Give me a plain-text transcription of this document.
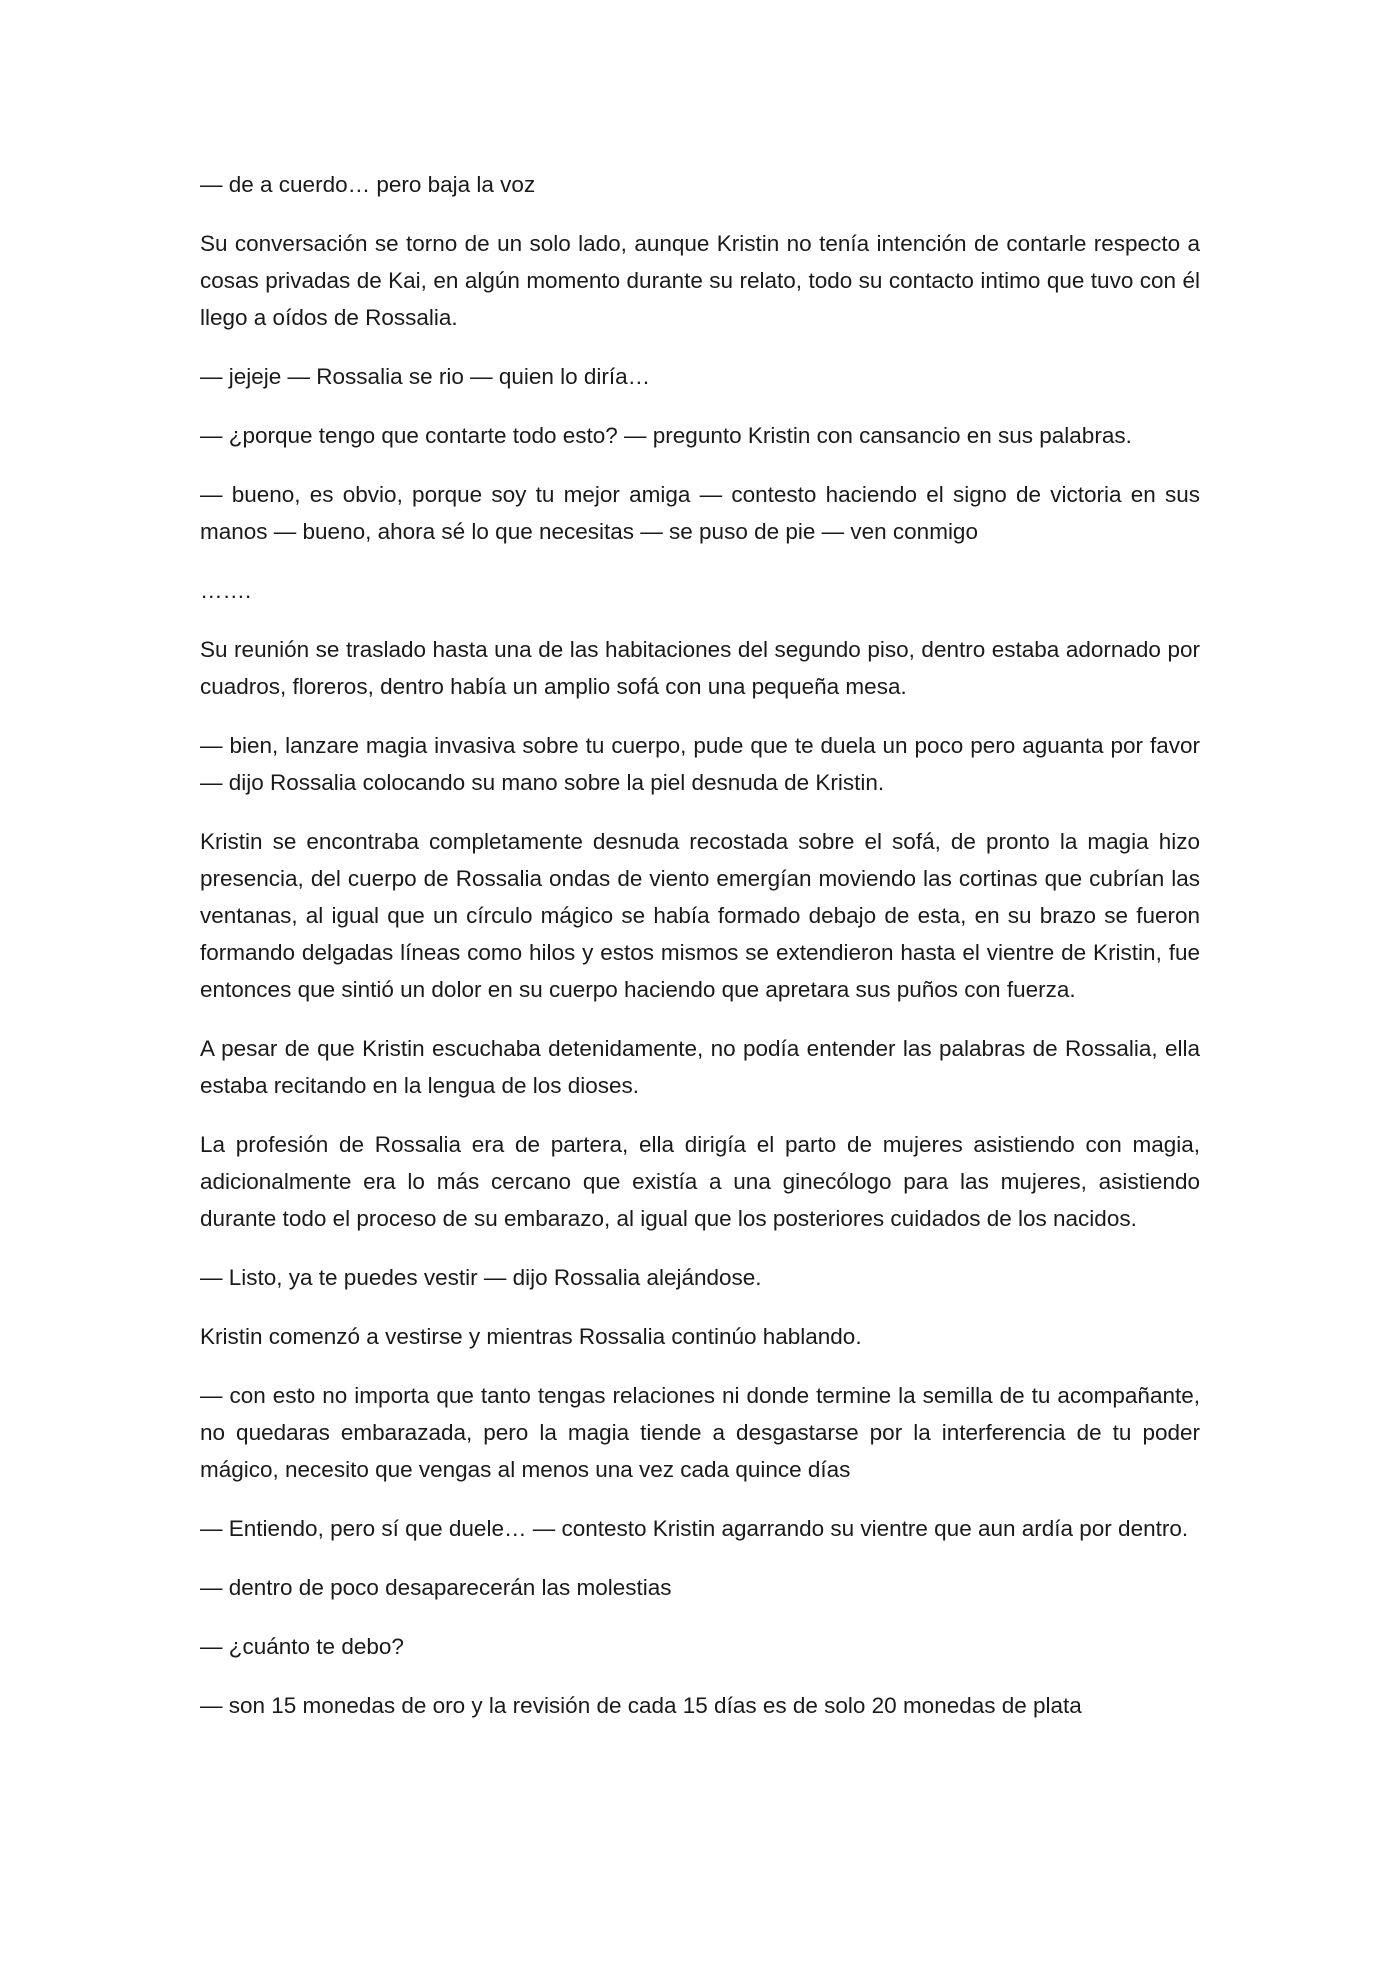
— de a cuerdo… pero baja la voz

Su conversación se torno de un solo lado, aunque Kristin no tenía intención de contarle respecto a cosas privadas de Kai, en algún momento durante su relato, todo su contacto intimo que tuvo con él llego a oídos de Rossalia.

— jejeje — Rossalia se rio — quien lo diría…

— ¿porque tengo que contarte todo esto? — pregunto Kristin con cansancio en sus palabras.

— bueno, es obvio, porque soy tu mejor amiga — contesto haciendo el signo de victoria en sus manos — bueno, ahora sé lo que necesitas — se puso de pie — ven conmigo

…….

Su reunión se traslado hasta una de las habitaciones del segundo piso, dentro estaba adornado por cuadros, floreros, dentro había un amplio sofá con una pequeña mesa.

— bien, lanzare magia invasiva sobre tu cuerpo, pude que te duela un poco pero aguanta por favor — dijo Rossalia colocando su mano sobre la piel desnuda de Kristin.

Kristin se encontraba completamente desnuda recostada sobre el sofá, de pronto la magia hizo presencia, del cuerpo de Rossalia ondas de viento emergían moviendo las cortinas que cubrían las ventanas, al igual que un círculo mágico se había formado debajo de esta, en su brazo se fueron formando delgadas líneas como hilos y estos mismos se extendieron hasta el vientre de Kristin, fue entonces que sintió un dolor en su cuerpo haciendo que apretara sus puños con fuerza.

A pesar de que Kristin escuchaba detenidamente, no podía entender las palabras de Rossalia, ella estaba recitando en la lengua de los dioses.

La profesión de Rossalia era de partera, ella dirigía el parto de mujeres asistiendo con magia, adicionalmente era lo más cercano que existía a una ginecólogo para las mujeres, asistiendo durante todo el proceso de su embarazo, al igual que los posteriores cuidados de los nacidos.

— Listo, ya te puedes vestir — dijo Rossalia alejándose.

Kristin comenzó a vestirse y mientras Rossalia continúo hablando.

— con esto no importa que tanto tengas relaciones ni donde termine la semilla de tu acompañante, no quedaras embarazada, pero la magia tiende a desgastarse por la interferencia de tu poder mágico, necesito que vengas al menos una vez cada quince días

— Entiendo, pero sí que duele… — contesto Kristin agarrando su vientre que aun ardía por dentro.

— dentro de poco desaparecerán las molestias

— ¿cuánto te debo?

— son 15 monedas de oro y la revisión de cada 15 días es de solo 20 monedas de plata
